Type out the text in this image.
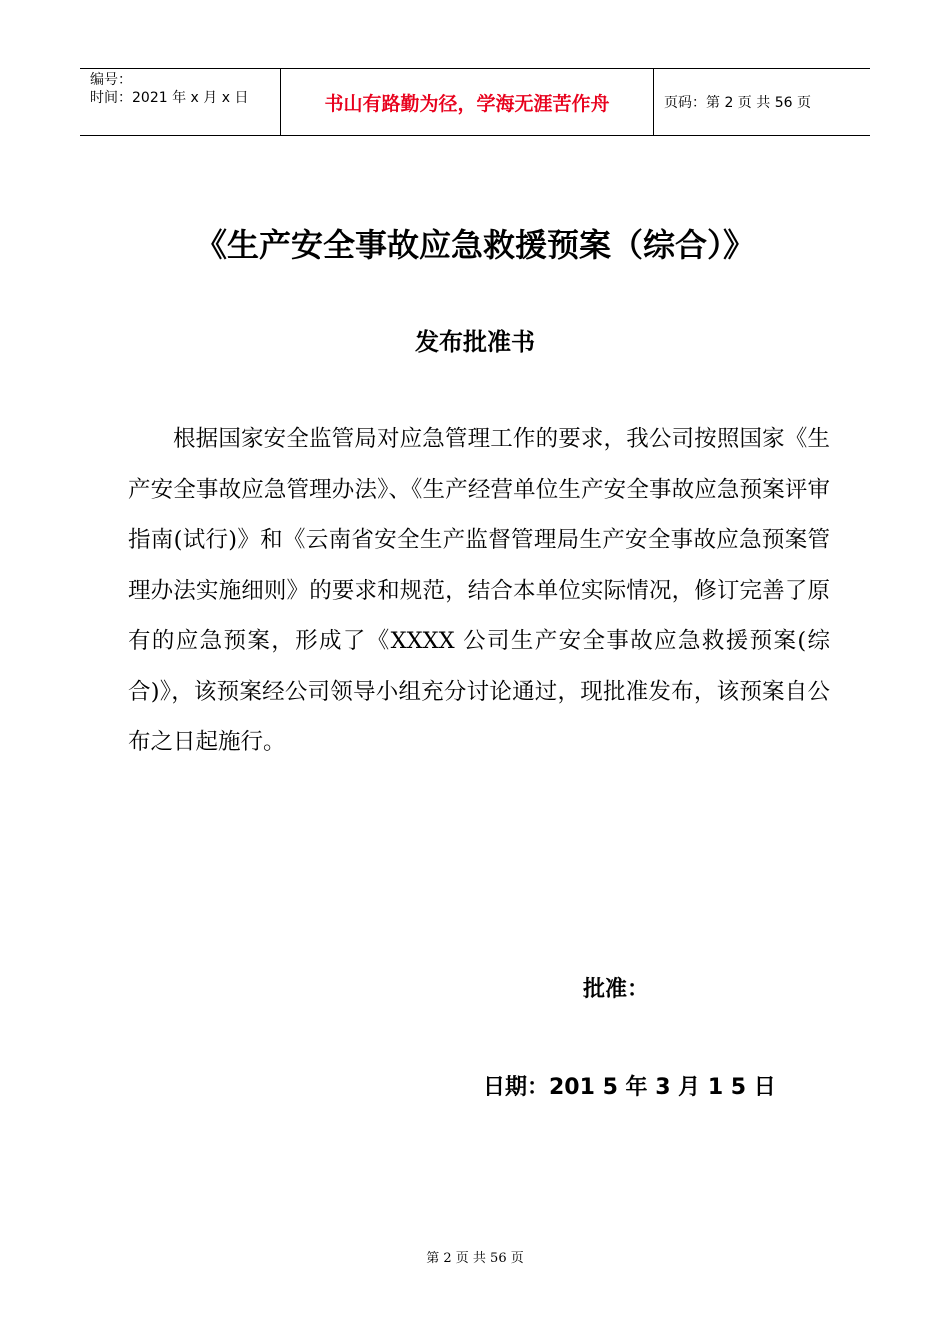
编号：
时间：2021 年 x 月 x 日	书山有路勤为径，学海无涯苦作舟	页码：第 2 页 共 56 页
《生产安全事故应急救援预案（综合）》
发布批准书

根据国家安全监管局对应急管理工作的要求，我公司按照国家《生产安全事故应急管理办法》、《生产经营单位生产安全事故应急预案评审指南(试行)》和《云南省安全生产监督管理局生产安全事故应急预案管理办法实施细则》的要求和规范，结合本单位实际情况，修订完善了原有的应急预案，形成了《XXXX 公司生产安全事故应急救援预案(综合)》，该预案经公司领导小组充分讨论通过，现批准发布，该预案自公布之日起施行。

批准：
日期：201 5 年 3 月 1 5 日
第 2 页 共 56 页
